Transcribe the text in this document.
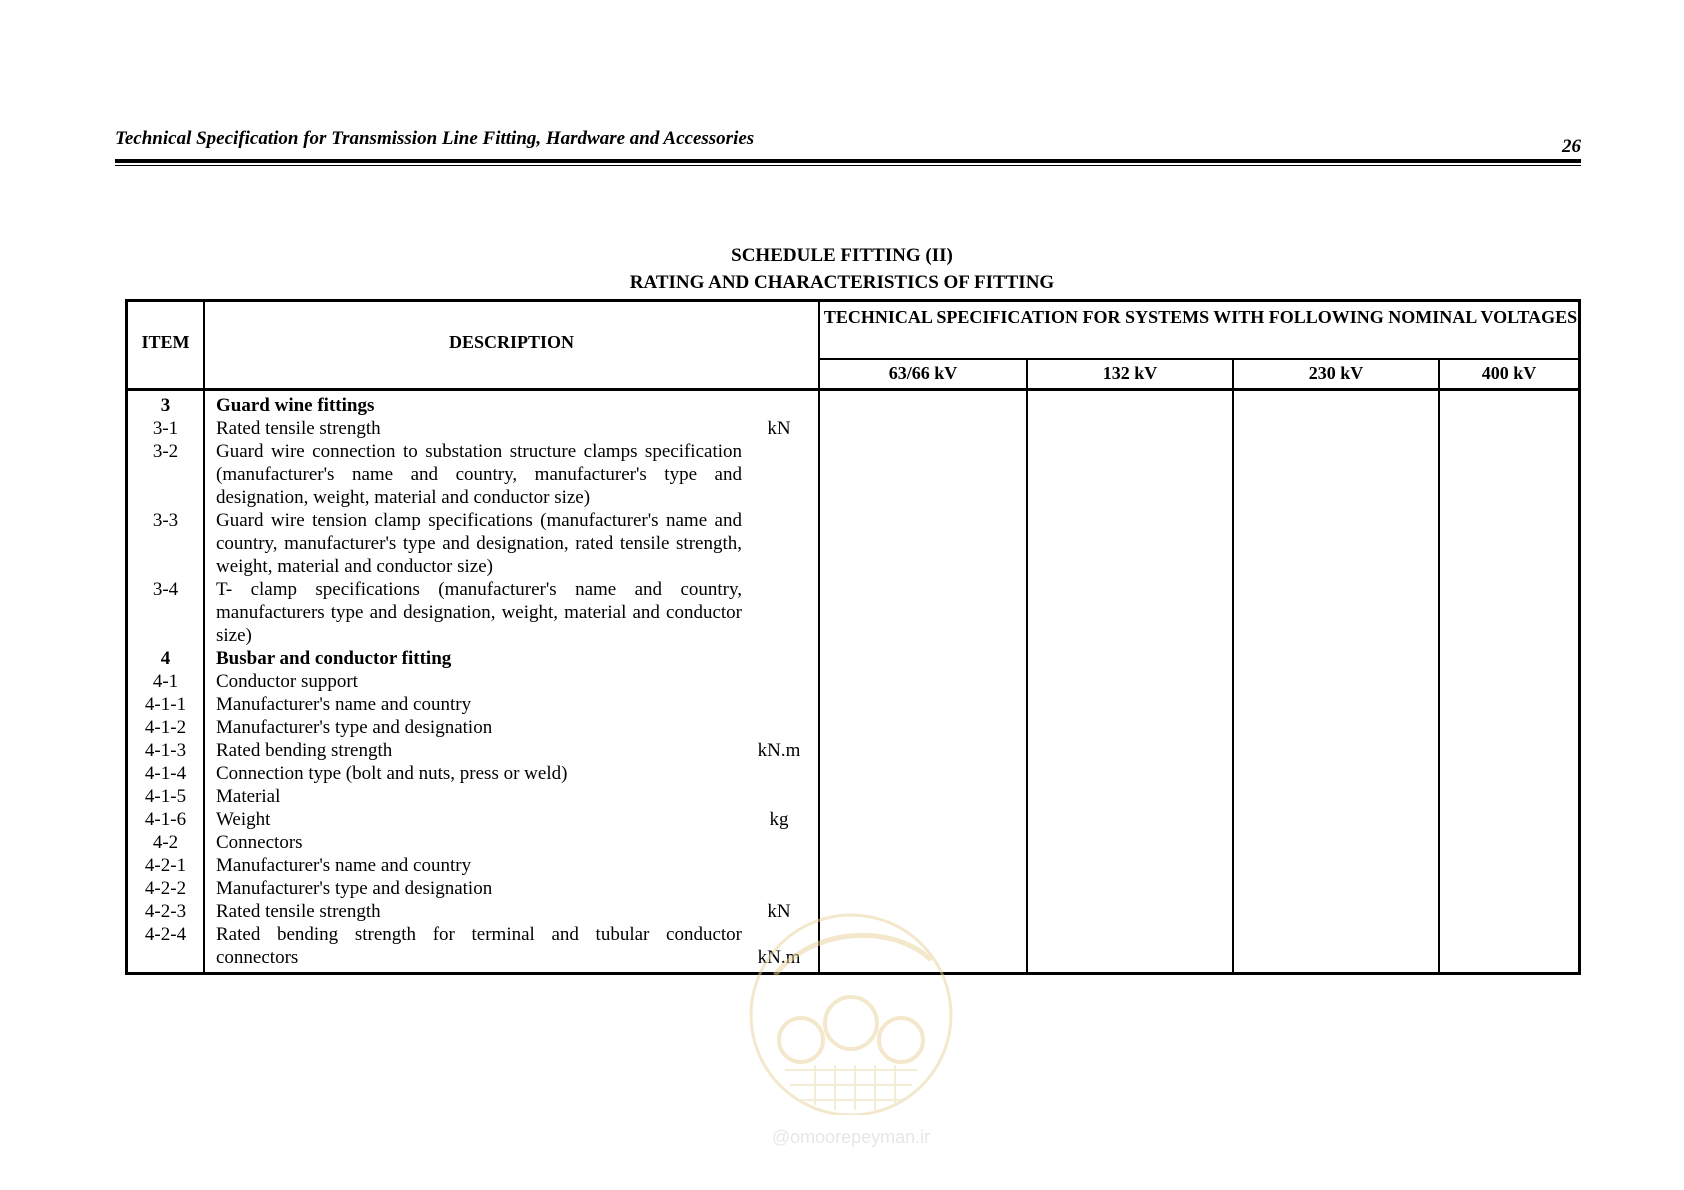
Technical Specification for Transmission Line Fitting, Hardware and Accessories	26
SCHEDULE FITTING (II)
RATING AND CHARACTERISTICS OF FITTING
ITEM	DESCRIPTION
TECHNICAL SPECIFICATION FOR SYSTEMS WITH FOLLOWING NOMINAL VOLTAGES
63/66 kV	132 kV	230 kV	400 kV
3	Guard wine fittings
3-1	Rated tensile strength	kN
3-2	Guard wire connection to substation structure clamps specification (manufacturer's name and country, manufacturer's type and designation, weight, material and conductor size)
3-3	Guard wire tension clamp specifications (manufacturer's name and country, manufacturer's type and designation, rated tensile strength, weight, material and conductor size)
3-4	T- clamp specifications (manufacturer's name and country, manufacturers type and designation, weight, material and conductor size)
4	Busbar and conductor fitting
4-1	Conductor support
4-1-1	Manufacturer's name and country
4-1-2	Manufacturer's type and designation
4-1-3	Rated bending strength	kN.m
4-1-4	Connection type (bolt and nuts, press or weld)
4-1-5	Material
4-1-6	Weight	kg
4-2	Connectors
4-2-1	Manufacturer's name and country
4-2-2	Manufacturer's type and designation
4-2-3	Rated tensile strength	kN
4-2-4	Rated bending strength for terminal and tubular conductor connectors	kN.m
@omoorepeyman.ir
